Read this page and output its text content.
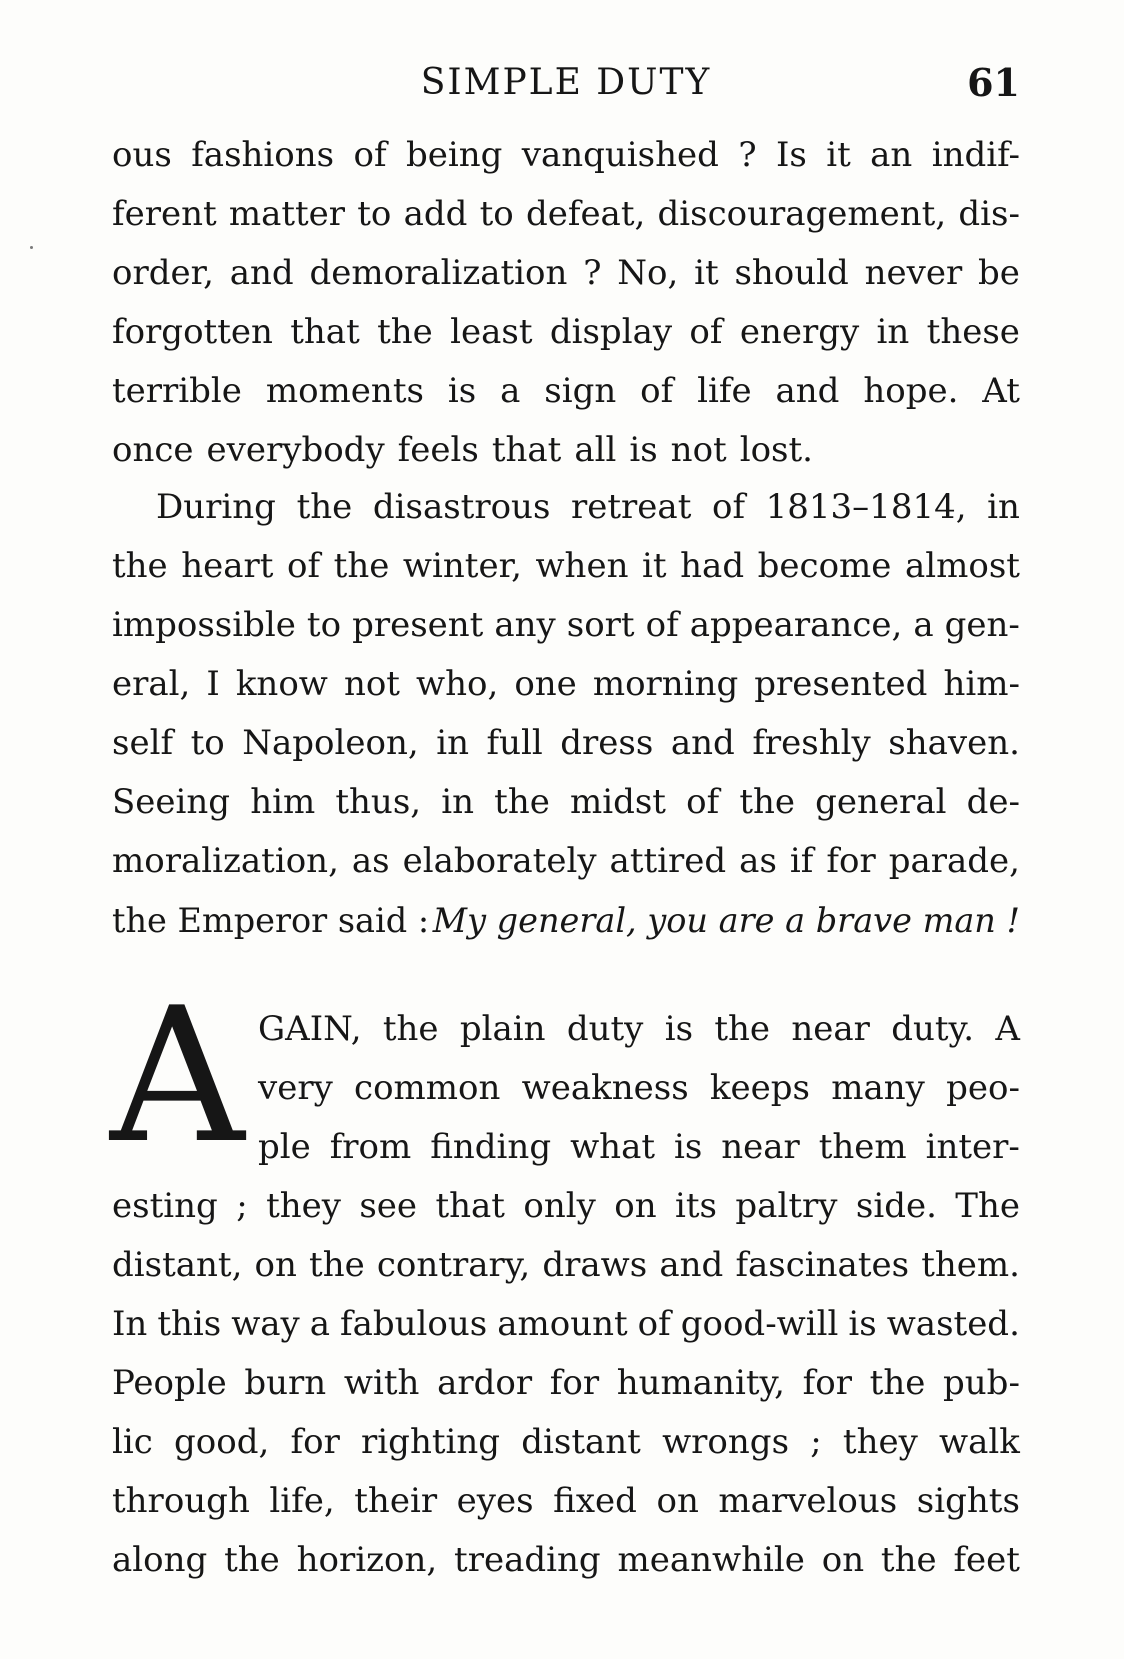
SIMPLE DUTY	61
ous fashions of being vanquished ? Is it an indif-
ferent matter to add to defeat, discouragement, dis-
order, and demoralization ? No, it should never be
forgotten that the least display of energy in these
terrible moments is a sign of life and hope. At
once everybody feels that all is not lost.
During the disastrous retreat of 1813–1814, in
the heart of the winter, when it had become almost
impossible to present any sort of appearance, a gen-
eral, I know not who, one morning presented him-
self to Napoleon, in full dress and freshly shaven.
Seeing him thus, in the midst of the general de-
moralization, as elaborately attired as if for parade,
the Emperor said : My general, you are a brave man !
A GAIN, the plain duty is the near duty. A
very common weakness keeps many peo-
ple from finding what is near them inter-
esting ; they see that only on its paltry side. The
distant, on the contrary, draws and fascinates them.
In this way a fabulous amount of good-will is wasted.
People burn with ardor for humanity, for the pub-
lic good, for righting distant wrongs ; they walk
through life, their eyes fixed on marvelous sights
along the horizon, treading meanwhile on the feet
